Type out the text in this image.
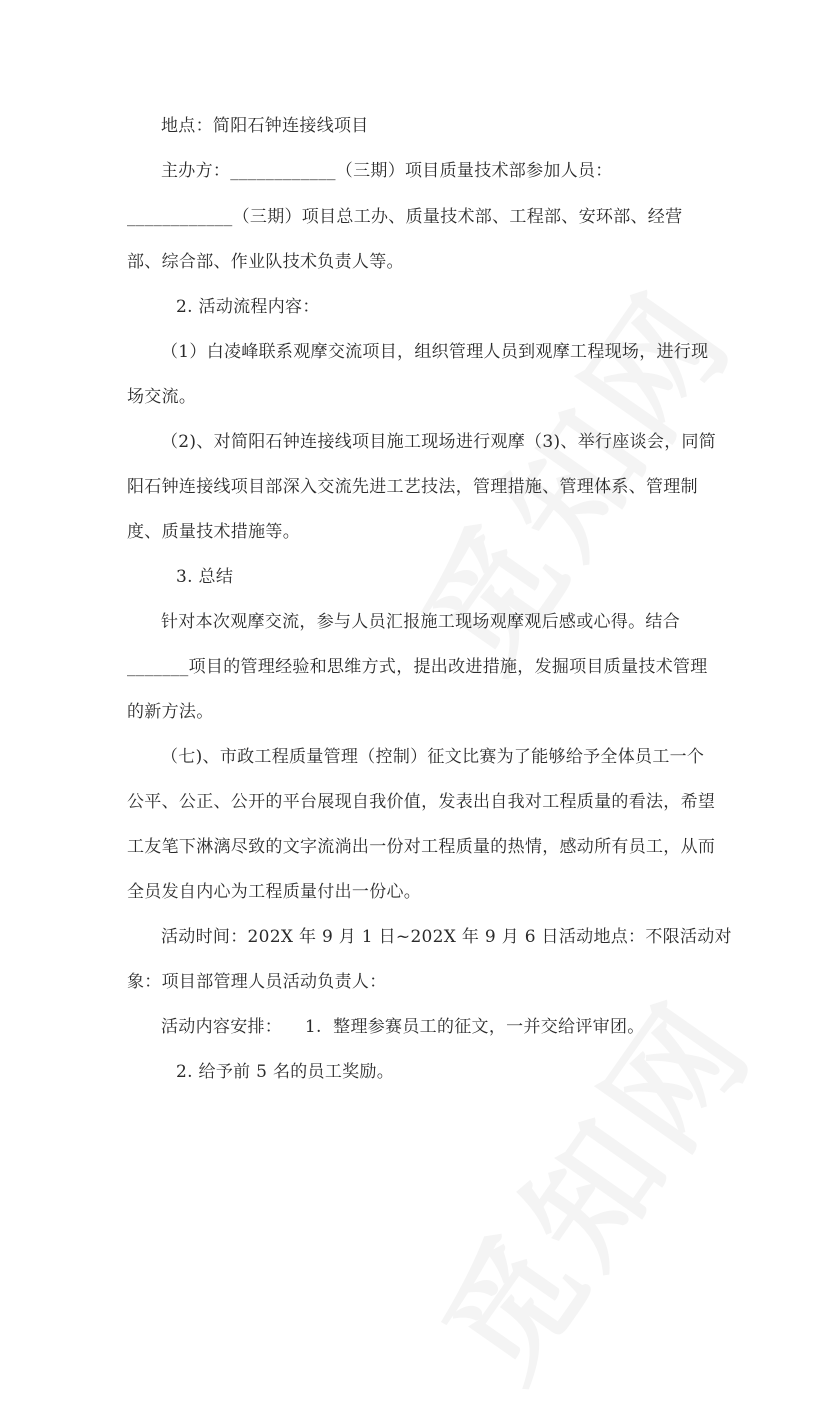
地点：简阳石钟连接线项目
主办方：____________（三期）项目质量技术部参加人员：
____________（三期）项目总工办、质量技术部、工程部、安环部、经营
部、综合部、作业队技术负责人等。
2. 活动流程内容：
（1）白凌峰联系观摩交流项目，组织管理人员到观摩工程现场，进行现
场交流。
（2)、对简阳石钟连接线项目施工现场进行观摩（3)、举行座谈会，同简
阳石钟连接线项目部深入交流先进工艺技法，管理措施、管理体系、管理制
度、质量技术措施等。
3. 总结
针对本次观摩交流，参与人员汇报施工现场观摩观后感或心得。结合
_______项目的管理经验和思维方式，提出改进措施，发掘项目质量技术管理
的新方法。
（七)、市政工程质量管理（控制）征文比赛为了能够给予全体员工一个
公平、公正、公开的平台展现自我价值，发表出自我对工程质量的看法，希望
工友笔下淋漓尽致的文字流淌出一份对工程质量的热情，感动所有员工，从而
全员发自内心为工程质量付出一份心。
活动时间：202X 年 9 月 1 日~202X 年 9 月 6 日活动地点：不限活动对
象：项目部管理人员活动负责人：
活动内容安排：    1.  整理参赛员工的征文，一并交给评审团。
2. 给予前 5 名的员工奖励。
